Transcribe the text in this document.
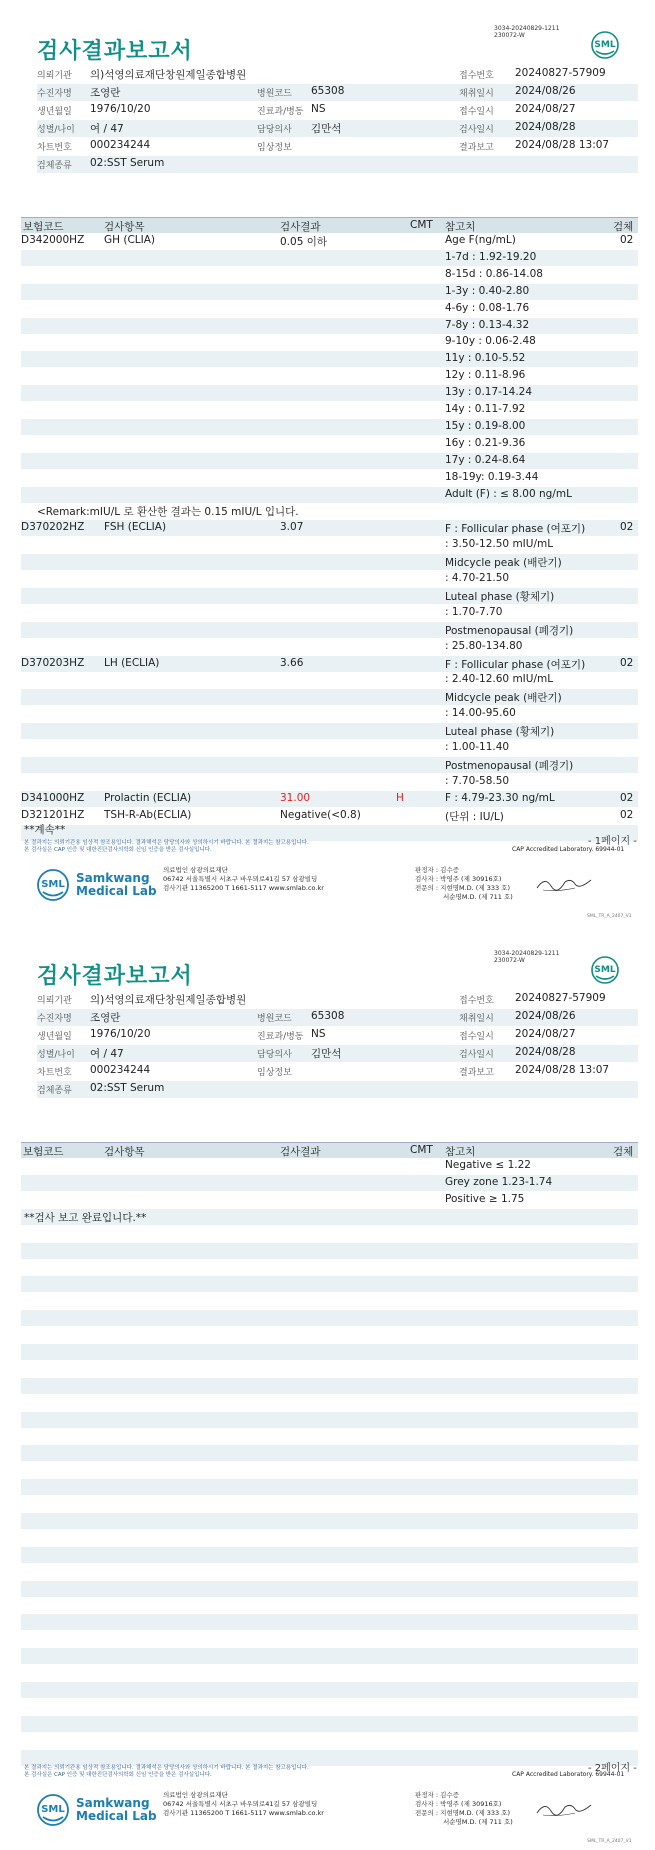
3034-20240829-1211
230072-W
검사결과보고서	SML
의뢰기관 의)석영의료재단창원제일종합병원	접수번호 20240827-57909
수진자명 조영란	병원코드 65308	채취일시 2024/08/26
생년월일 1976/10/20	진료과/병동 NS	접수일시 2024/08/27
성별/나이 여 / 47	담당의사 김만석	검사일시 2024/08/28
차트번호 000234244	임상정보	결과보고 2024/08/28 13:07
검체종류 02:SST Serum
보험코드	검사항목	검사결과	CMT 참고치	검체
D342000HZ GH (CLIA)	0.05 이하	Age F(ng/mL)	02
1-7d : 1.92-19.20
8-15d : 0.86-14.08
1-3y : 0.40-2.80
4-6y : 0.08-1.76
7-8y : 0.13-4.32
9-10y : 0.06-2.48
11y : 0.10-5.52
12y : 0.11-8.96
13y : 0.17-14.24
14y : 0.11-7.92
15y : 0.19-8.00
16y : 0.21-9.36
17y : 0.24-8.64
18-19y: 0.19-3.44
Adult (F) : ≤ 8.00 ng/mL
<Remark:mIU/L 로 환산한 결과는 0.15 mIU/L 입니다.
D370202HZ FSH (ECLIA)	3.07	F : Follicular phase (여포기)	02
: 3.50-12.50 mIU/mL
Midcycle peak (배란기)
: 4.70-21.50
Luteal phase (황체기)
: 1.70-7.70
Postmenopausal (폐경기)
: 25.80-134.80
D370203HZ LH (ECLIA)	3.66	F : Follicular phase (여포기)	02
: 2.40-12.60 mIU/mL
Midcycle peak (배란기)
: 14.00-95.60
Luteal phase (황체기)
: 1.00-11.40
Postmenopausal (폐경기)
: 7.70-58.50
D341000HZ Prolactin (ECLIA)	31.00	H	F : 4.79-23.30 ng/mL	02
D321201HZ TSH-R-Ab(ECLIA)	Negative(<0.8)	(단위 : IU/L)	02
**계속**
- 1페이지 -
본 결과지는 의뢰기관용 임상적 참조용입니다. 결과해석은 담당의사와 상의하시기 바랍니다. 본 결과지는 참고용입니다.
본 검사실은 CAP 인증 및 대한진단검사의학회 신임 인증을 받은 검사실입니다.	CAP Accredited Laboratory. 69944-01
SML Samkwang
Medical Lab
의료법인 삼광의료재단
06742 서울특별시 서초구 바우뫼로41길 57 삼광빌딩
검사기관 11365200 T 1661-5117 www.smlab.co.kr
판정자 : 김수증
검사자 : 박영주 (제 30916호)
전문의 : 지현명M.D. (제 333 호)
서순명M.D. (제 711 호)
SML_TR_A_2407_V1
3034-20240829-1211
230072-W
검사결과보고서	SML
의뢰기관 의)석영의료재단창원제일종합병원	접수번호 20240827-57909
수진자명 조영란	병원코드 65308	채취일시 2024/08/26
생년월일 1976/10/20	진료과/병동 NS	접수일시 2024/08/27
성별/나이 여 / 47	담당의사 김만석	검사일시 2024/08/28
차트번호 000234244	임상정보	결과보고 2024/08/28 13:07
검체종류 02:SST Serum
보험코드	검사항목	검사결과	CMT 참고치	검체
Negative ≤ 1.22
Grey zone 1.23-1.74
Positive ≥ 1.75
**검사 보고 완료입니다.**
- 2페이지 -
본 결과지는 의뢰기관용 임상적 참조용입니다. 결과해석은 담당의사와 상의하시기 바랍니다. 본 결과지는 참고용입니다.
본 검사실은 CAP 인증 및 대한진단검사의학회 신임 인증을 받은 검사실입니다.	CAP Accredited Laboratory. 69944-01
SML Samkwang
Medical Lab
의료법인 삼광의료재단
06742 서울특별시 서초구 바우뫼로41길 57 삼광빌딩
검사기관 11365200 T 1661-5117 www.smlab.co.kr
판정자 : 김수증
검사자 : 박영주 (제 30916호)
전문의 : 지현명M.D. (제 333 호)
서순명M.D. (제 711 호)
SML_TR_A_2407_V1
